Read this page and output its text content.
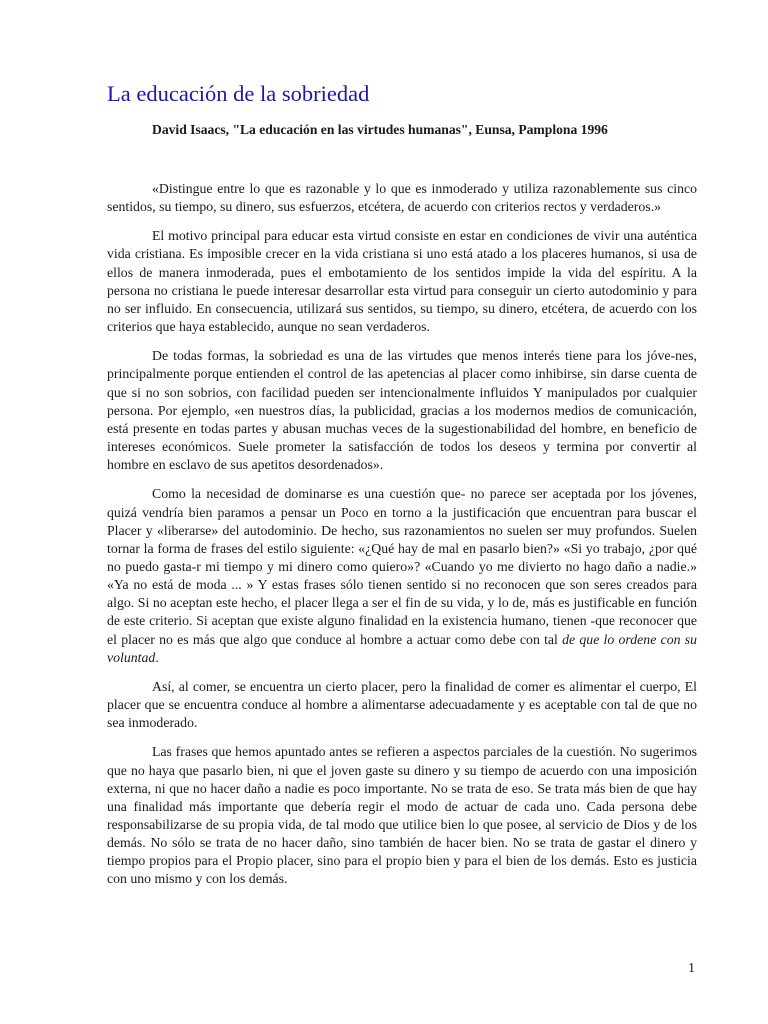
La educación de la sobriedad

David Isaacs, "La educación en las virtudes humanas", Eunsa, Pamplona 1996

«Distingue entre lo que es razonable y lo que es inmoderado y utiliza razonablemente sus cinco sentidos, su tiempo, su dinero, sus esfuerzos, etcétera, de acuerdo con criterios rectos y verdaderos.»

El motivo principal para educar esta virtud consiste en estar en condiciones de vivir una auténtica vida cristiana. Es imposible crecer en la vida cristiana si uno está atado a los placeres humanos, si usa de ellos de manera inmoderada, pues el embotamiento de los sentidos impide la vida del espíritu. A la persona no cristiana le puede interesar desarrollar esta virtud para conseguir un cierto autodominio y para no ser influido. En consecuencia, utilizará sus sentidos, su tiempo, su dinero, etcétera, de acuerdo con los criterios que haya establecido, aunque no sean verdaderos.

De todas formas, la sobriedad es una de las virtudes que menos interés tiene para los jóve-nes, principalmente porque entienden el control de las apetencias al placer como inhibirse, sin darse cuenta de que si no son sobrios, con facilidad pueden ser intencionalmente influidos Y manipulados por cualquier persona. Por ejemplo, «en nuestros días, la publicidad, gracias a los modernos medios de comunicación, está presente en todas partes y abusan muchas veces de la sugestionabilidad del hombre, en beneficio de intereses económicos. Suele prometer la satisfacción de todos los deseos y termina por convertir al hombre en esclavo de sus apetitos desordenados».

Como la necesidad de dominarse es una cuestión que- no parece ser aceptada por los jóvenes, quizá vendría bien paramos a pensar un Poco en torno a la justificación que encuentran para buscar el Placer y «liberarse» del autodominio. De hecho, sus razonamientos no suelen ser muy profundos. Suelen tornar la forma de frases del estilo siguiente: «¿Qué hay de mal en pasarlo bien?» «Si yo trabajo, ¿por qué no puedo gasta-r mi tiempo y mi dinero como quiero»? «Cuando yo me divierto no hago daño a nadie.» «Ya no está de moda ... » Y estas frases sólo tienen sentido si no reconocen que son seres creados para algo. Si no aceptan este hecho, el placer llega a ser el fin de su vida, y lo de, más es justificable en función de este criterio. Si aceptan que existe alguno finalidad en la existencia humano, tienen -que reconocer que el placer no es más que algo que conduce al hombre a actuar como debe con tal de que lo ordene con su voluntad.

Así, al comer, se encuentra un cierto placer, pero la finalidad de comer es alimentar el cuerpo, El placer que se encuentra conduce al hombre a alimentarse adecuadamente y es aceptable con tal de que no sea inmoderado.

Las frases que hemos apuntado antes se refieren a aspectos parciales de la cuestión. No sugerimos que no haya que pasarlo bien, ni que el joven gaste su dinero y su tiempo de acuerdo con una imposición externa, ni que no hacer daño a nadie es poco importante. No se trata de eso. Se trata más bien de que hay una finalidad más importante que debería regir el modo de actuar de cada uno. Cada persona debe responsabilizarse de su propia vida, de tal modo que utilice bien lo que posee, al servicio de Dios y de los demás. No sólo se trata de no hacer daño, sino también de hacer bien. No se trata de gastar el dinero y tiempo propios para el Propio placer, sino para el propio bien y para el bien de los demás. Esto es justicia con uno mismo y con los demás.

1
